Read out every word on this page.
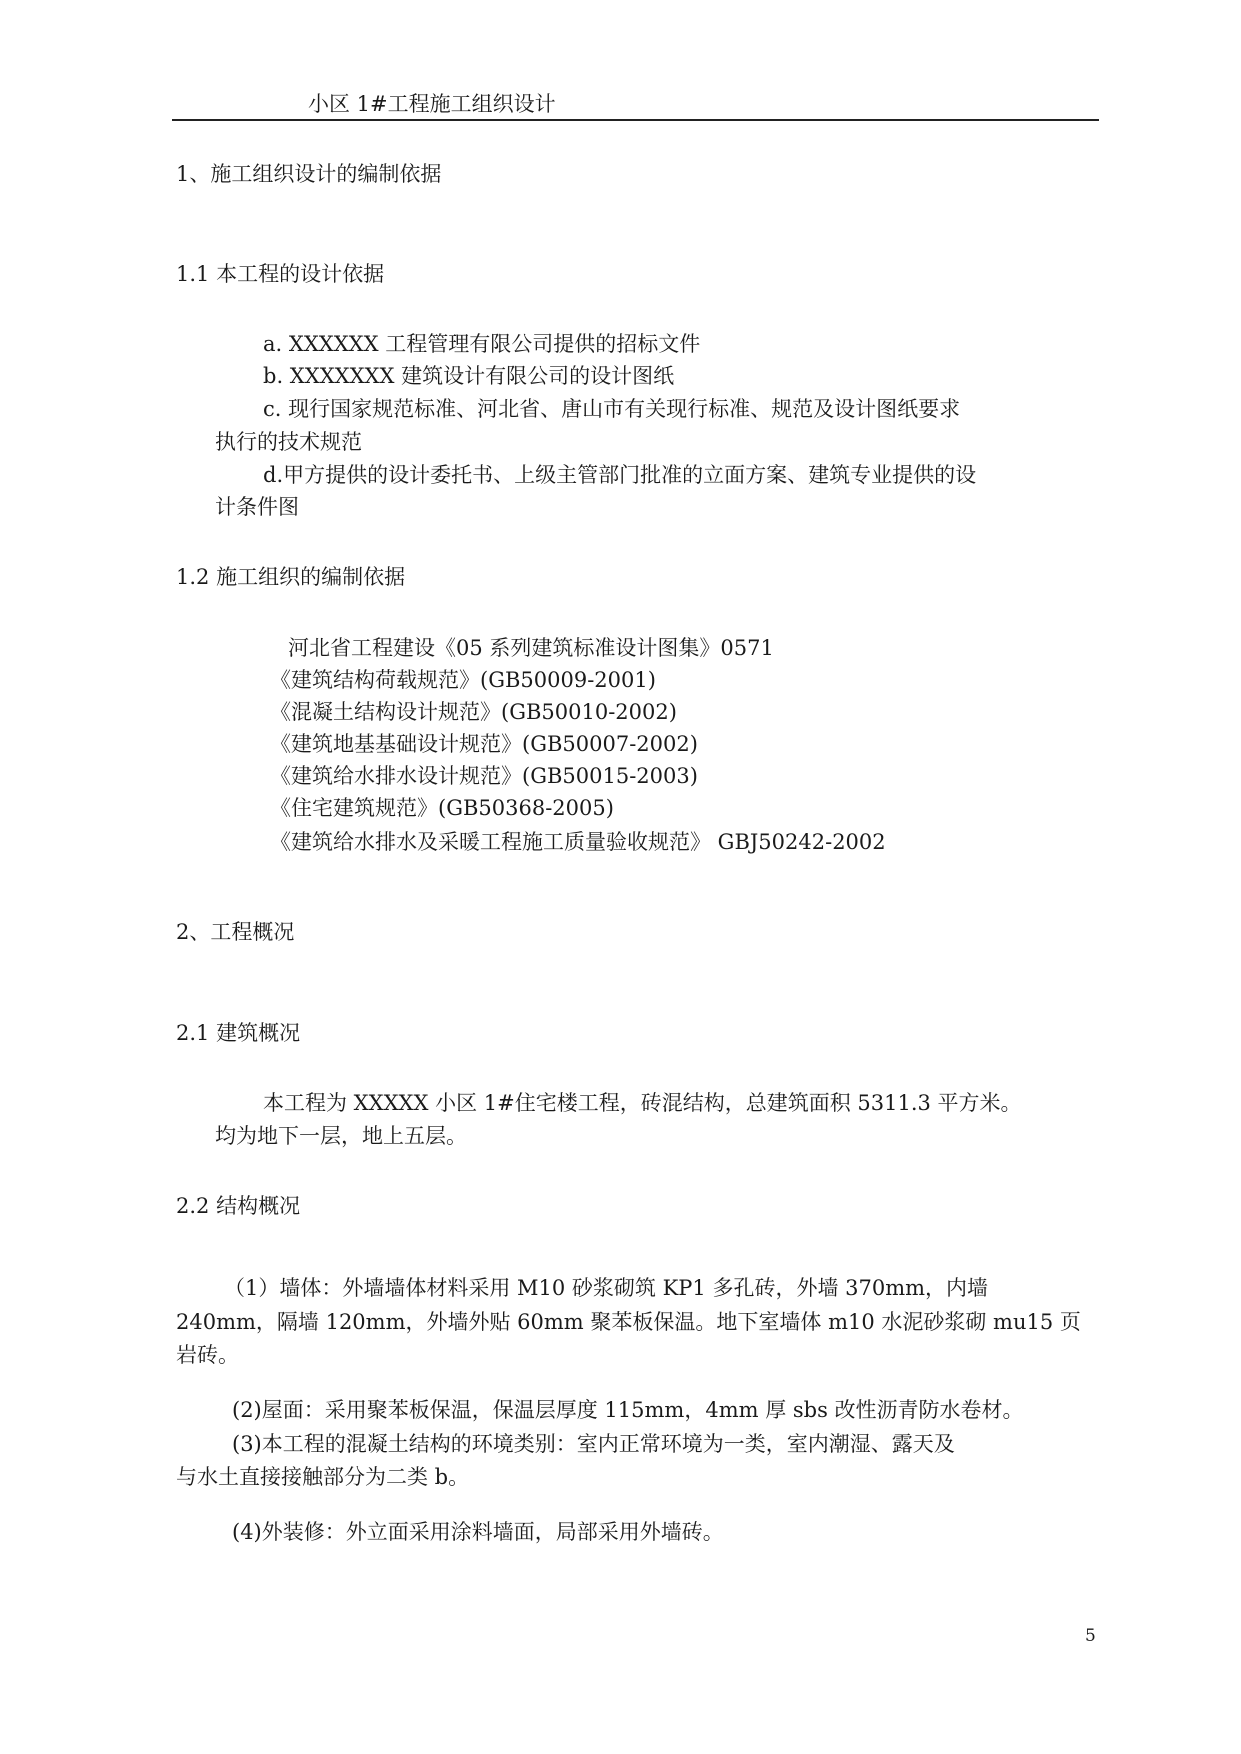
小区 1#工程施工组织设计
1、施工组织设计的编制依据
1.1 本工程的设计依据
a. XXXXXX 工程管理有限公司提供的招标文件
b. XXXXXXX 建筑设计有限公司的设计图纸
c. 现行国家规范标准、河北省、唐山市有关现行标准、规范及设计图纸要求
执行的技术规范
d.甲方提供的设计委托书、上级主管部门批准的立面方案、建筑专业提供的设
计条件图
1.2 施工组织的编制依据
河北省工程建设《05 系列建筑标准设计图集》0571
《建筑结构荷载规范》(GB50009-2001)
《混凝土结构设计规范》(GB50010-2002)
《建筑地基基础设计规范》(GB50007-2002)
《建筑给水排水设计规范》(GB50015-2003)
《住宅建筑规范》(GB50368-2005)
《建筑给水排水及采暖工程施工质量验收规范》 GBJ50242-2002
2、工程概况
2.1 建筑概况
本工程为 XXXXX 小区 1#住宅楼工程，砖混结构，总建筑面积 5311.3 平方米。
均为地下一层，地上五层。
2.2 结构概况
（1）墙体：外墙墙体材料采用 M10 砂浆砌筑 KP1 多孔砖，外墙 370mm，内墙
240mm，隔墙 120mm，外墙外贴 60mm 聚苯板保温。地下室墙体 m10 水泥砂浆砌 mu15 页
岩砖。
(2)屋面：采用聚苯板保温，保温层厚度 115mm，4mm 厚 sbs 改性沥青防水卷材。
(3)本工程的混凝土结构的环境类别：室内正常环境为一类，室内潮湿、露天及
与水土直接接触部分为二类 b。
(4)外装修：外立面采用涂料墙面，局部采用外墙砖。
5
